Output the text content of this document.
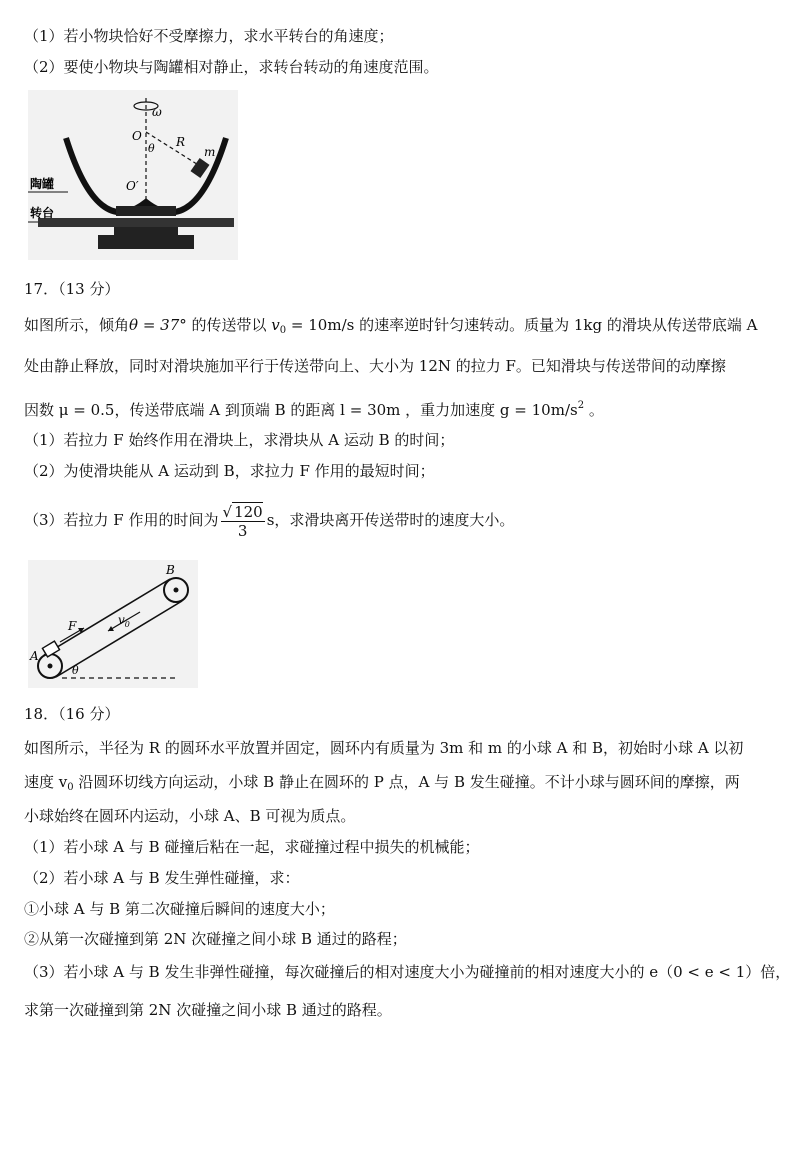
（1）若小物块恰好不受摩擦力，求水平转台的角速度；
（2）要使小物块与陶罐相对静止，求转台转动的角速度范围。
ω
O
θ R
m
O′
陶罐
转台
17．（13 分）
如图所示，倾角θ = 37° 的传送带以 $v_0 = 10m/s$ 的速率逆时针匀速转动。质量为 1kg 的滑块从传送带底端 A
处由静止释放，同时对滑块施加平行于传送带向上、大小为 12N 的拉力 F。已知滑块与传送带间的动摩擦
因数 μ = 0.5，传送带底端 A 到顶端 B 的距离 l = 30m ，重力加速度 $g = 10m/s^2$ 。
（1）若拉力 F 始终作用在滑块上，求滑块从 A 运动 B 的时间；
（2）为使滑块能从 A 运动到 B，求拉力 F 作用的最短时间；
（3）若拉力 F 作用的时间为 $\frac{√ 120}{3}$ s，求滑块离开传送带时的速度大小。
A
B
F	$v_0$
θ
18．（16 分）
如图所示，半径为 R 的圆环水平放置并固定，圆环内有质量为 3m 和 m 的小球 A 和 B，初始时小球 A 以初
速度 $v_0$ 沿圆环切线方向运动，小球 B 静止在圆环的 P 点，A 与 B 发生碰撞。不计小球与圆环间的摩擦，两
小球始终在圆环内运动，小球 A、B 可视为质点。
（1）若小球 A 与 B 碰撞后粘在一起，求碰撞过程中损失的机械能；
（2）若小球 A 与 B 发生弹性碰撞，求：
①小球 A 与 B 第二次碰撞后瞬间的速度大小；
②从第一次碰撞到第 2N 次碰撞之间小球 B 通过的路程；
（3）若小球 A 与 B 发生非弹性碰撞，每次碰撞后的相对速度大小为碰撞前的相对速度大小的 e（0 < e < 1）倍，
求第一次碰撞到第 2N 次碰撞之间小球 B 通过的路程。
